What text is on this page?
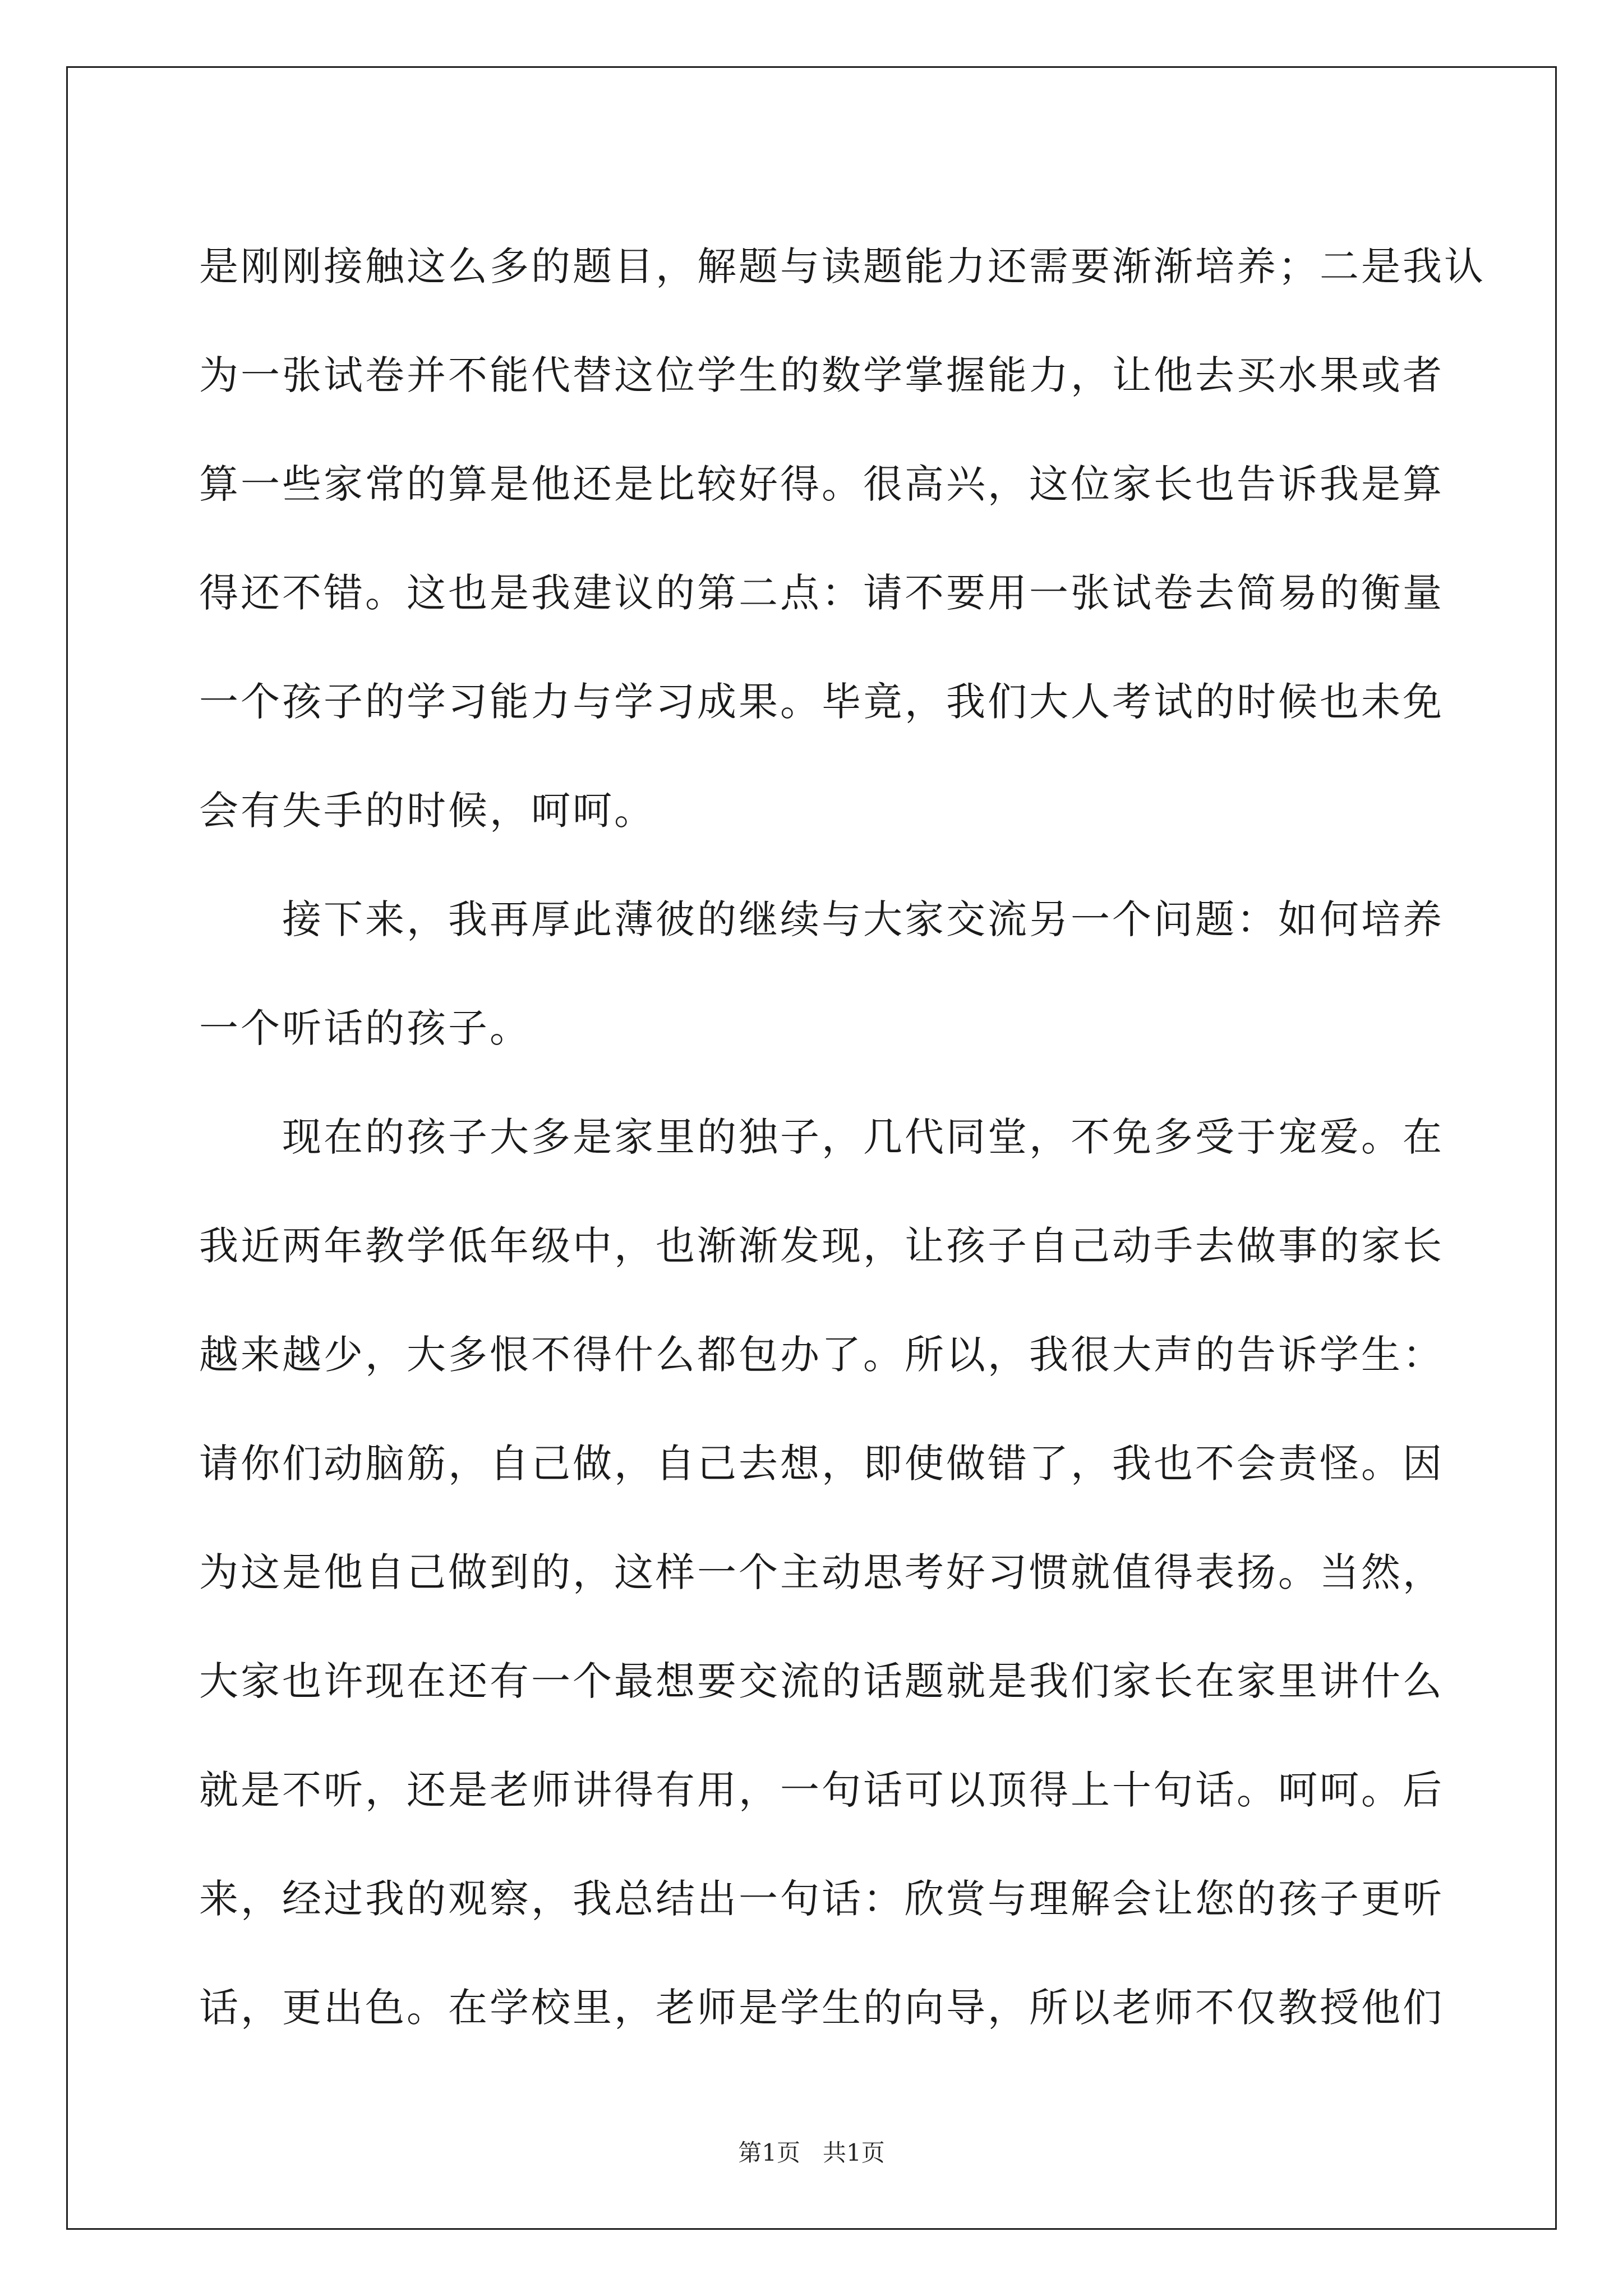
是刚刚接触这么多的题目，解题与读题能力还需要渐渐培养；二是我认
为一张试卷并不能代替这位学生的数学掌握能力，让他去买水果或者
算一些家常的算是他还是比较好得。很高兴，这位家长也告诉我是算
得还不错。这也是我建议的第二点：请不要用一张试卷去简易的衡量
一个孩子的学习能力与学习成果。毕竟，我们大人考试的时候也未免
会有失手的时候，呵呵。
　　接下来，我再厚此薄彼的继续与大家交流另一个问题：如何培养
一个听话的孩子。
　　现在的孩子大多是家里的独子，几代同堂，不免多受于宠爱。在
我近两年教学低年级中，也渐渐发现，让孩子自己动手去做事的家长
越来越少，大多恨不得什么都包办了。所以，我很大声的告诉学生：
请你们动脑筋，自己做，自己去想，即使做错了，我也不会责怪。因
为这是他自己做到的，这样一个主动思考好习惯就值得表扬。当然，
大家也许现在还有一个最想要交流的话题就是我们家长在家里讲什么
就是不听，还是老师讲得有用，一句话可以顶得上十句话。呵呵。后
来，经过我的观察，我总结出一句话：欣赏与理解会让您的孩子更听
话，更出色。在学校里，老师是学生的向导，所以老师不仅教授他们
第1页 共1页
